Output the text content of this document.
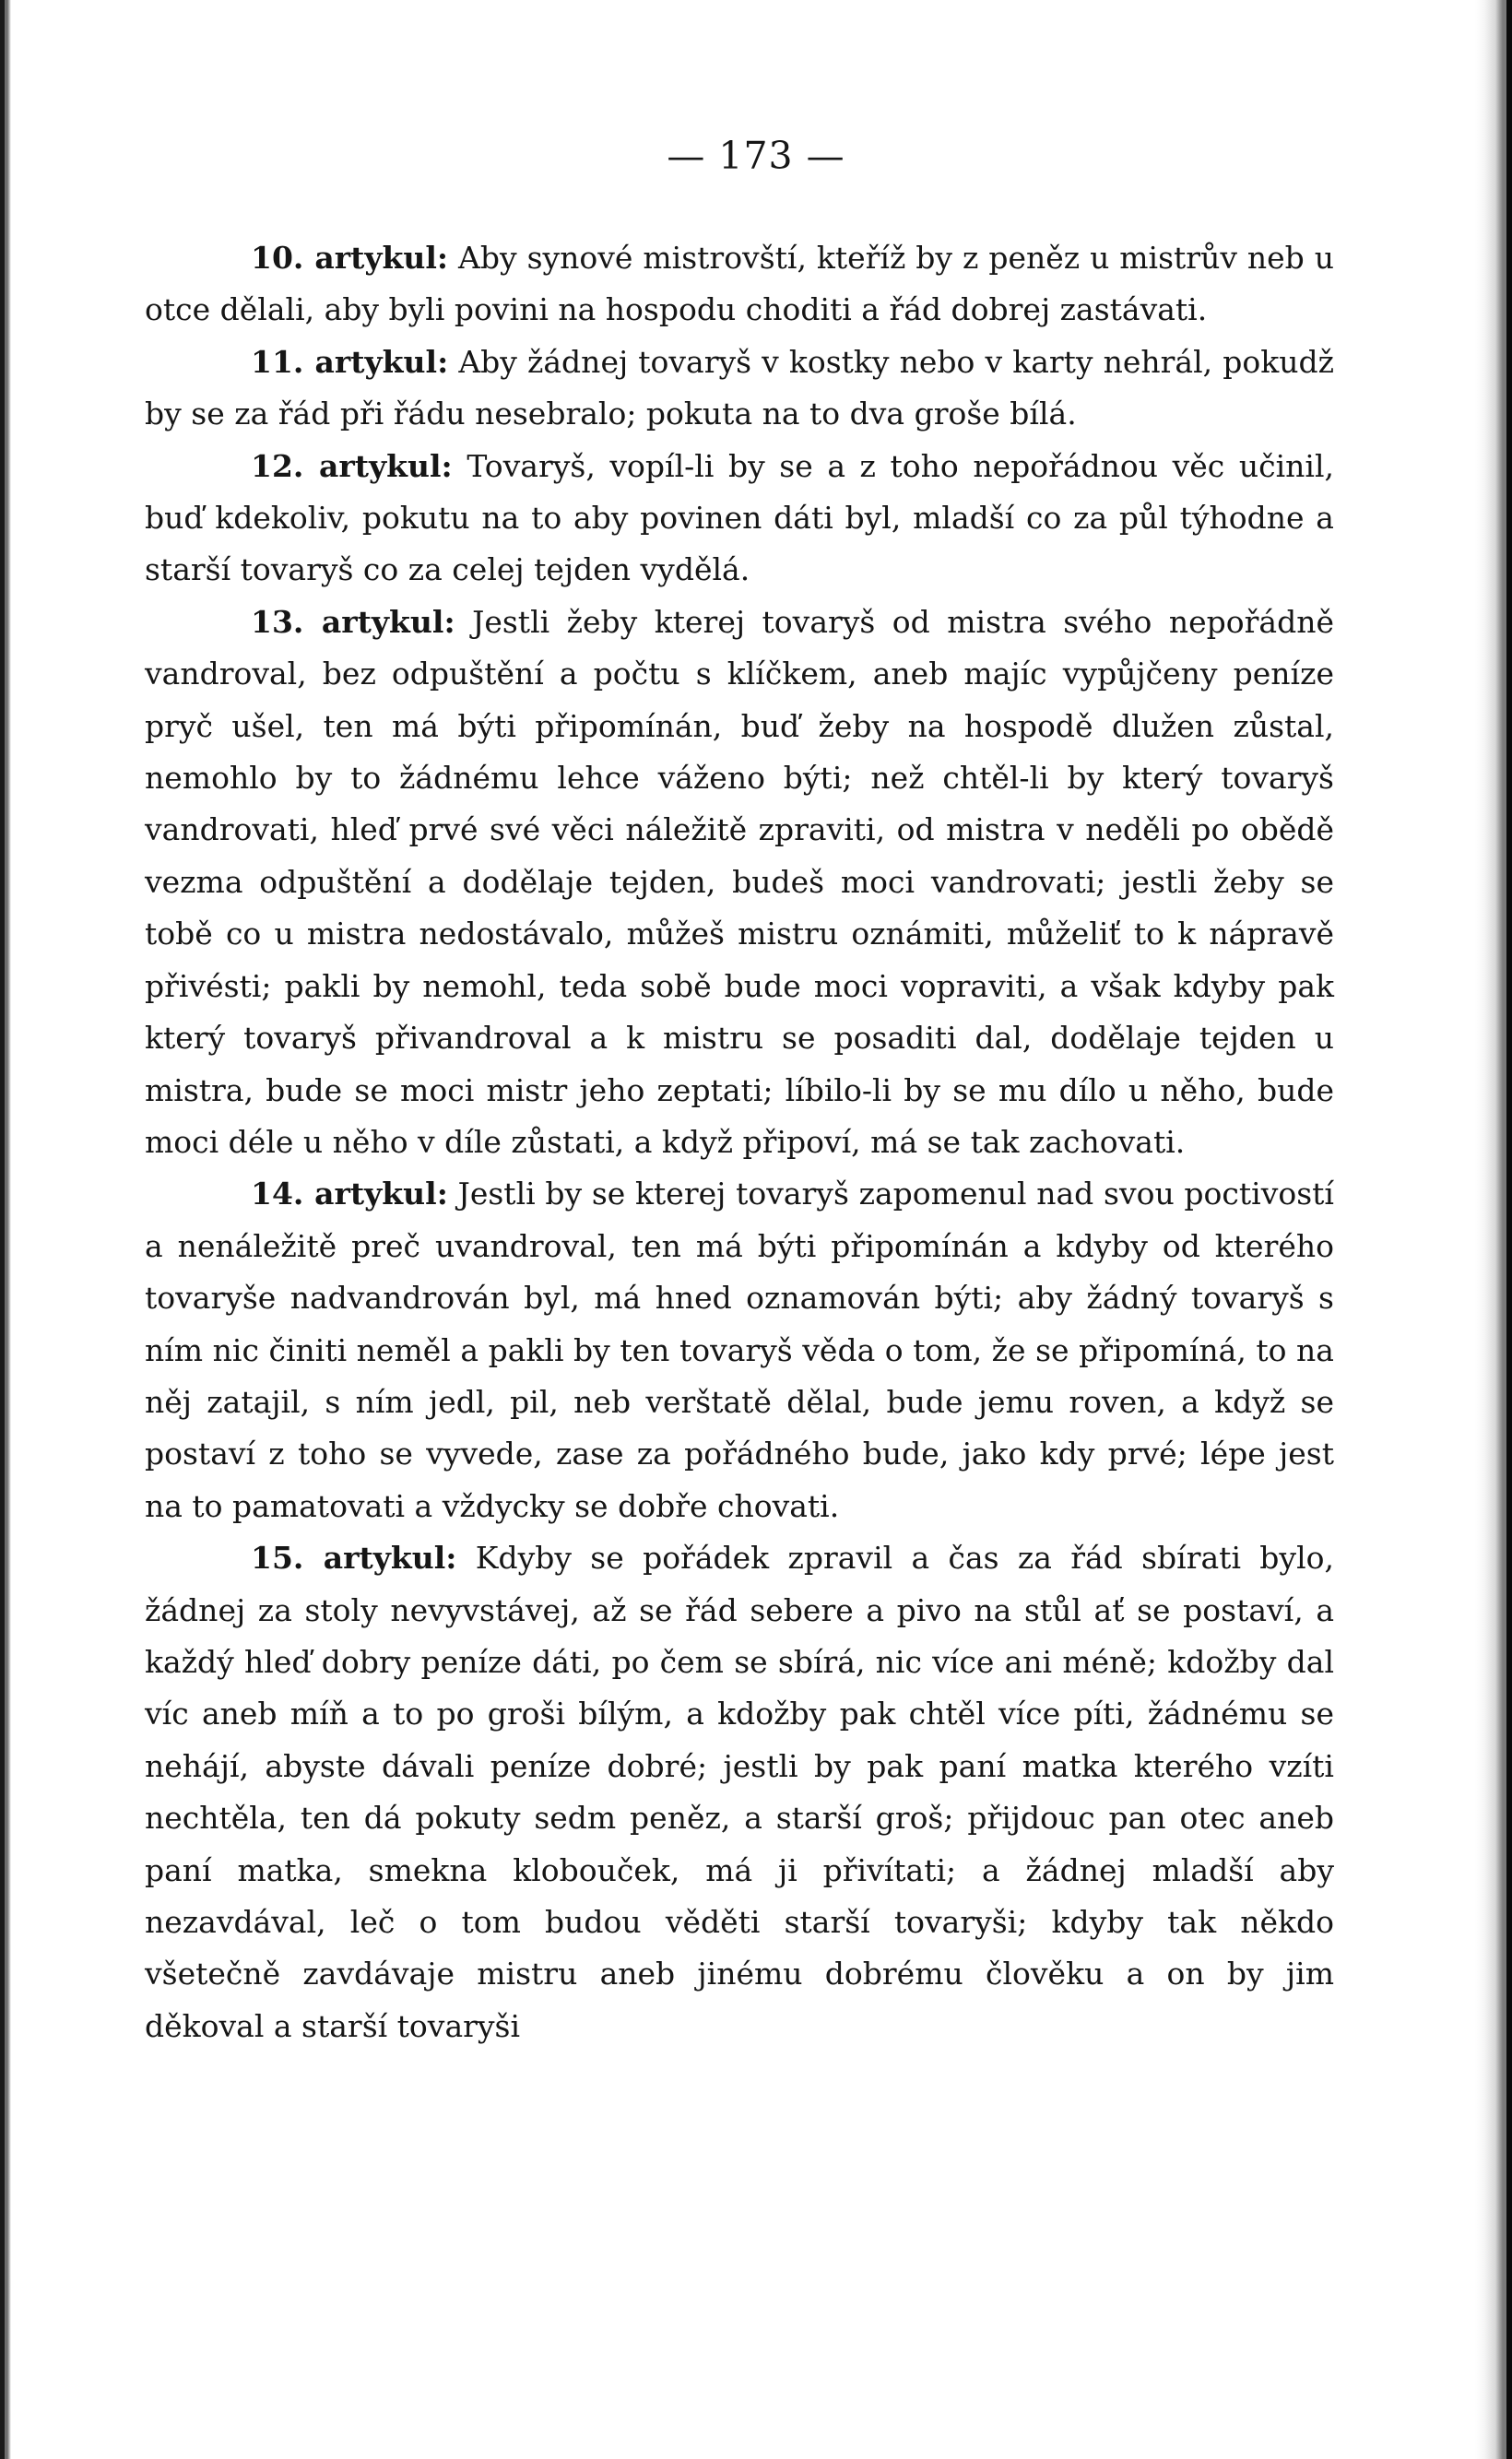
— 173 —

10. artykul: Aby synové mistrovští, kteříž by z peněz u mistrův neb u otce dělali, aby byli povini na hospodu choditi a řád dobrej zastávati.

11. artykul: Aby žádnej tovaryš v kostky nebo v karty nehrál, pokudž by se za řád při řádu nesebralo; pokuta na to dva groše bílá.

12. artykul: Tovaryš, vopíl-li by se a z toho nepořádnou věc učinil, buď kdekoliv, pokutu na to aby povinen dáti byl, mladší co za půl týhodne a starší tovaryš co za celej tejden vydělá.

13. artykul: Jestli žeby kterej tovaryš od mistra svého nepořádně vandroval, bez odpuštění a počtu s klíčkem, aneb majíc vypůjčeny peníze pryč ušel, ten má býti připomínán, buď žeby na hospodě dlužen zůstal, nemohlo by to žádnému lehce váženo býti; než chtěl-li by který tovaryš vandrovati, hleď prvé své věci náležitě zpraviti, od mistra v neděli po obědě vezma odpuštění a dodělaje tejden, budeš moci vandrovati; jestli žeby se tobě co u mistra nedostávalo, můžeš mistru oznámiti, můželiť to k nápravě přivésti; pakli by nemohl, teda sobě bude moci vopraviti, a však kdyby pak který tovaryš přivandroval a k mistru se posaditi dal, dodělaje tejden u mistra, bude se moci mistr jeho zeptati; líbilo-li by se mu dílo u něho, bude moci déle u něho v díle zůstati, a když připoví, má se tak zachovati.

14. artykul: Jestli by se kterej tovaryš zapomenul nad svou poctivostí a nenáležitě preč uvandroval, ten má býti připomínán a kdyby od kterého tovaryše nadvandrován byl, má hned oznamován býti; aby žádný tovaryš s ním nic činiti neměl a pakli by ten tovaryš věda o tom, že se připomíná, to na něj zatajil, s ním jedl, pil, neb verštatě dělal, bude jemu roven, a když se postaví z toho se vyvede, zase za pořádného bude, jako kdy prvé; lépe jest na to pamatovati a vždycky se dobře chovati.

15. artykul: Kdyby se pořádek zpravil a čas za řád sbírati bylo, žádnej za stoly nevyvstávej, až se řád sebere a pivo na stůl ať se postaví, a každý hleď dobry peníze dáti, po čem se sbírá, nic více ani méně; kdožby dal víc aneb míň a to po groši bílým, a kdožby pak chtěl více píti, žádnému se nehájí, abyste dávali peníze dobré; jestli by pak paní matka kterého vzíti nechtěla, ten dá pokuty sedm peněz, a starší groš; přijdouc pan otec aneb paní matka, smekna klobouček, má ji přivítati; a žádnej mladší aby nezavdával, leč o tom budou věděti starší tovaryši; kdyby tak někdo všetečně zavdávaje mistru aneb jinému dobrému člověku a on by jim děkoval a starší tovaryši
